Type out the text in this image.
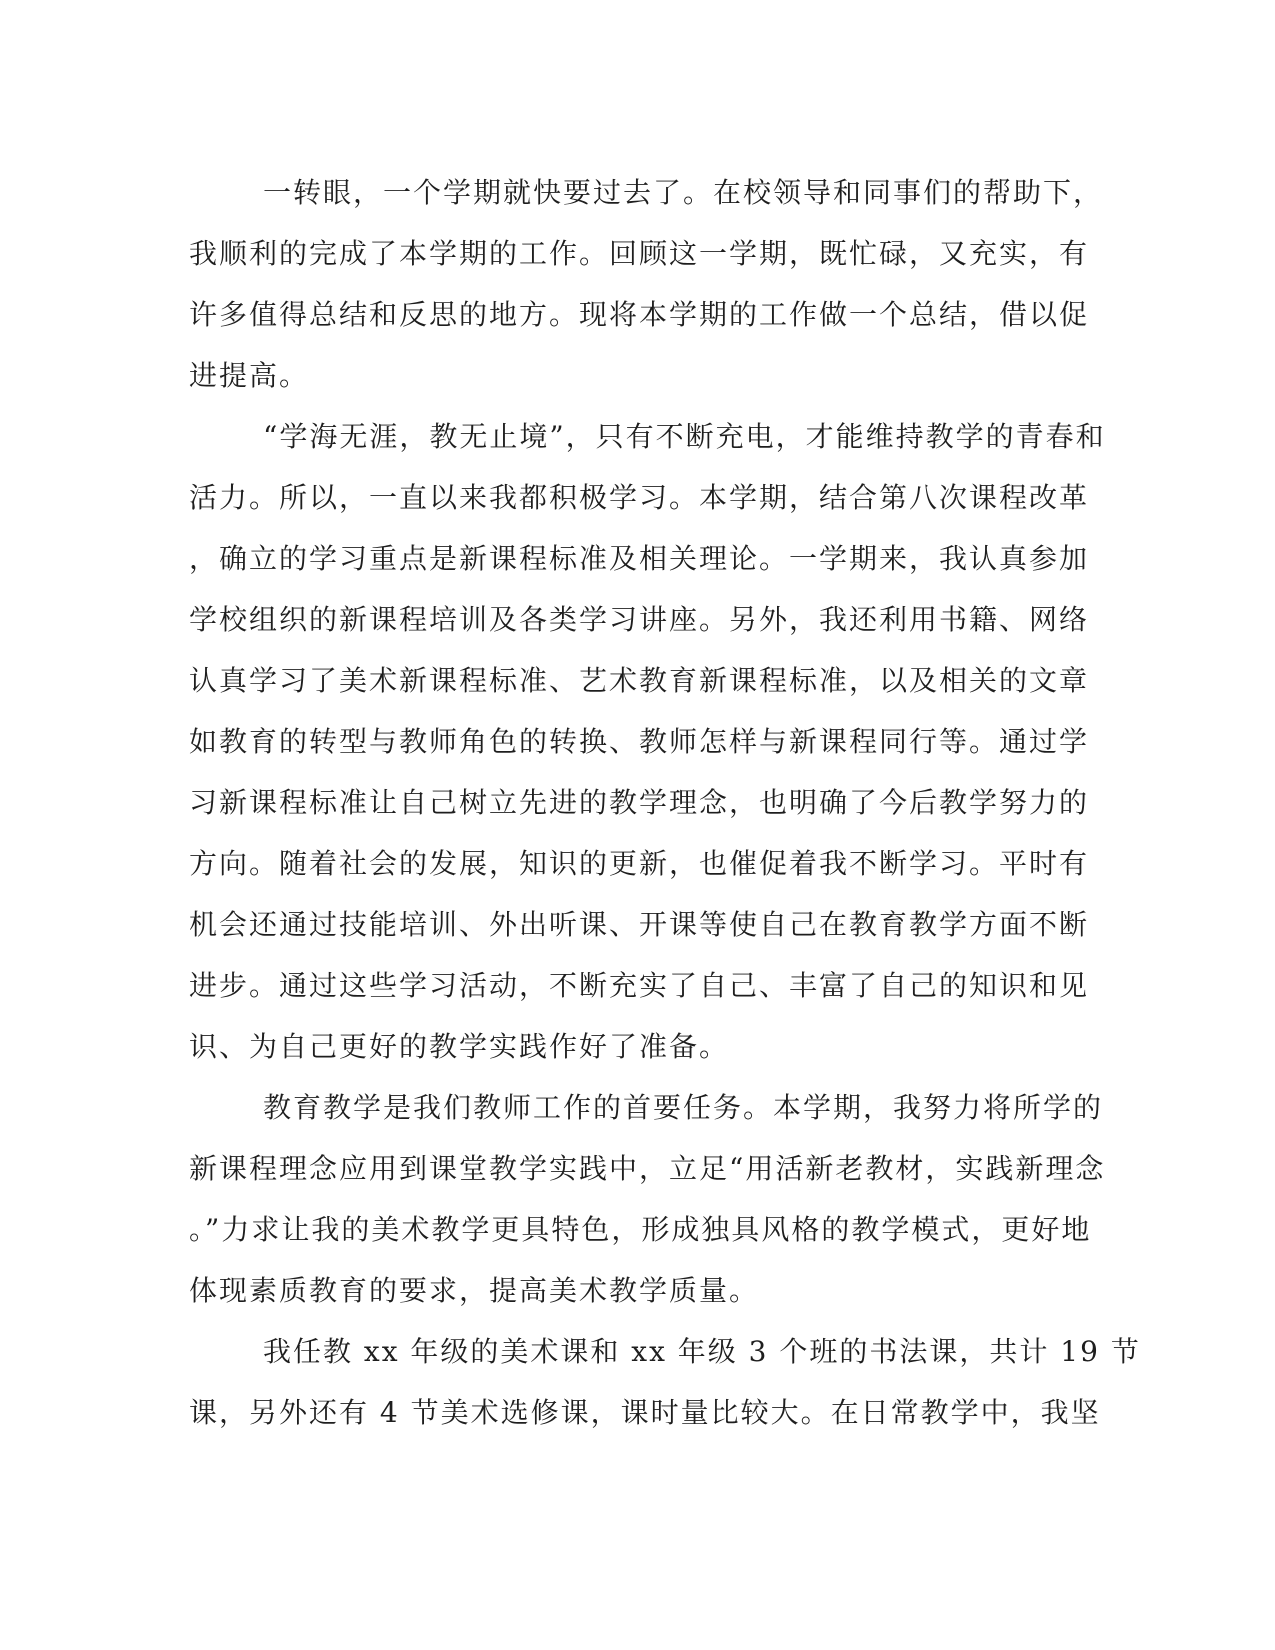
一转眼，一个学期就快要过去了。在校领导和同事们的帮助下，
我顺利的完成了本学期的工作。回顾这一学期，既忙碌，又充实，有
许多值得总结和反思的地方。现将本学期的工作做一个总结，借以促
进提高。
“学海无涯，教无止境”，只有不断充电，才能维持教学的青春和
活力。所以，一直以来我都积极学习。本学期，结合第八次课程改革
，确立的学习重点是新课程标准及相关理论。一学期来，我认真参加
学校组织的新课程培训及各类学习讲座。另外，我还利用书籍、网络
认真学习了美术新课程标准、艺术教育新课程标准，以及相关的文章
如教育的转型与教师角色的转换、教师怎样与新课程同行等。通过学
习新课程标准让自己树立先进的教学理念，也明确了今后教学努力的
方向。随着社会的发展，知识的更新，也催促着我不断学习。平时有
机会还通过技能培训、外出听课、开课等使自己在教育教学方面不断
进步。通过这些学习活动，不断充实了自己、丰富了自己的知识和见
识、为自己更好的教学实践作好了准备。
教育教学是我们教师工作的首要任务。本学期，我努力将所学的
新课程理念应用到课堂教学实践中，立足“用活新老教材，实践新理念
。”力求让我的美术教学更具特色，形成独具风格的教学模式，更好地
体现素质教育的要求，提高美术教学质量。
我任教 xx 年级的美术课和 xx 年级 3 个班的书法课，共计 19 节
课，另外还有 4 节美术选修课，课时量比较大。在日常教学中，我坚
